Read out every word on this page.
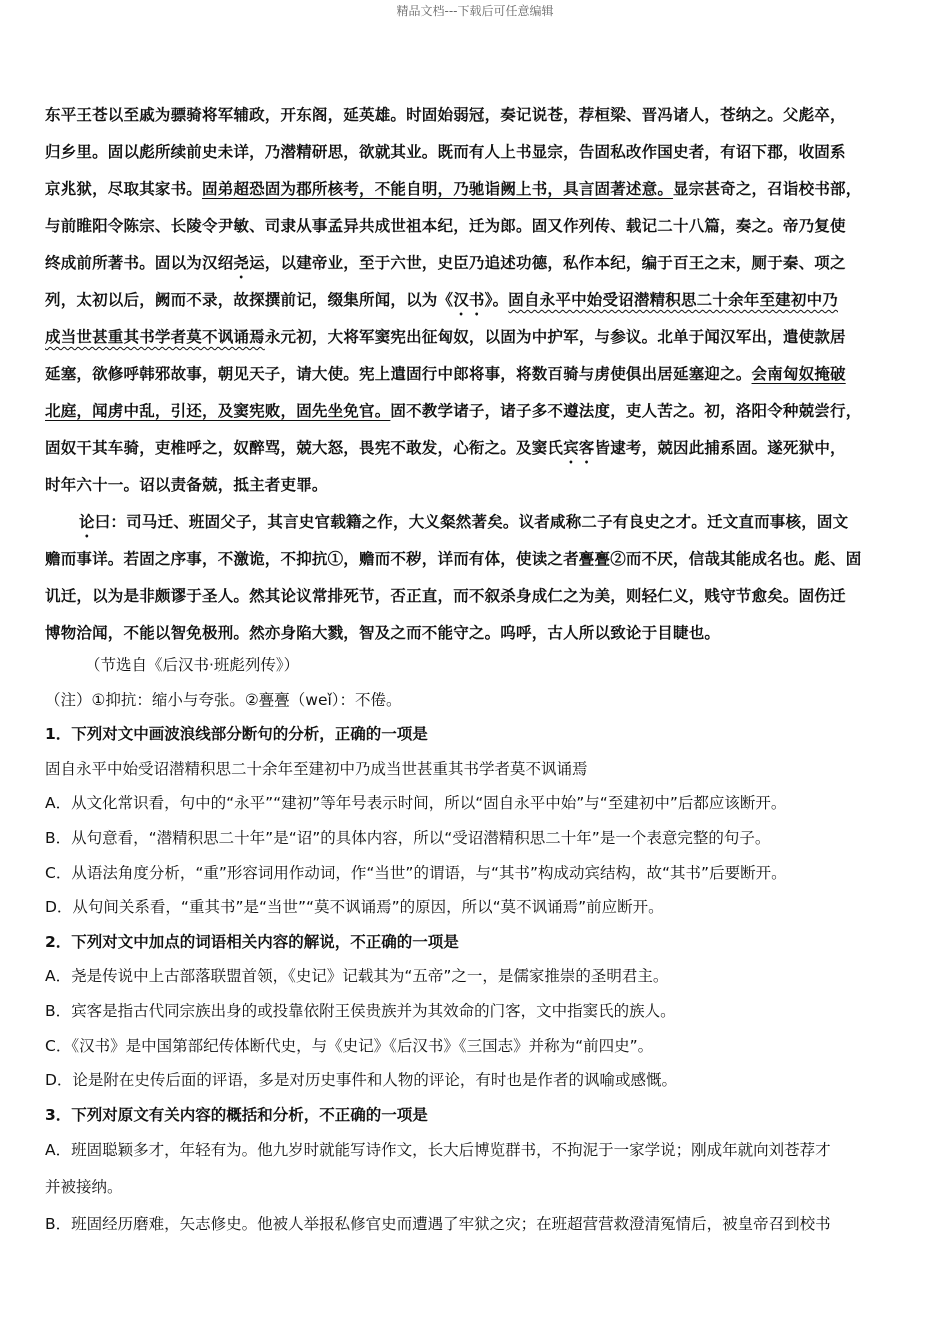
精品文档---下载后可任意编辑
东平王苍以至戚为骠骑将军辅政，开东阁，延英雄。时固始弱冠，奏记说苍，荐桓梁、晋冯诸人，苍纳之。父彪卒，
归乡里。固以彪所续前史未详，乃潜精研思，欲就其业。既而有人上书显宗，告固私改作国史者，有诏下郡，收固系
京兆狱，尽取其家书。固弟超恐固为郡所核考，不能自明，乃驰诣阙上书，具言固著述意。显宗甚奇之，召诣校书部，
与前睢阳令陈宗、长陵令尹敏、司隶从事孟异共成世祖本纪，迁为郎。固又作列传、载记二十八篇，奏之。帝乃复使
终成前所著书。固以为汉绍尧运，以建帝业，至于六世，史臣乃追述功德，私作本纪，编于百王之末，厕于秦、项之
列，太初以后，阙而不录，故探撰前记，缀集所闻，以为《汉书》。固自永平中始受诏潜精积思二十余年至建初中乃
成当世甚重其书学者莫不讽诵焉永元初，大将军窦宪出征匈奴，以固为中护军，与参议。北单于闻汉军出，遣使款居
延塞，欲修呼韩邪故事，朝见天子，请大使。宪上遣固行中郎将事，将数百骑与虏使俱出居延塞迎之。会南匈奴掩破
北庭，闻虏中乱，引还，及窦宪败，固先坐免官。固不教学诸子，诸子多不遵法度，吏人苦之。初，洛阳令种兢尝行，
固奴干其车骑，吏椎呼之，奴醉骂，兢大怒，畏宪不敢发，心衔之。及窦氏宾客皆逮考，兢因此捕系固。遂死狱中，
时年六十一。诏以责备兢，抵主者吏罪。
论曰：司马迁、班固父子，其言史官载籍之作，大义粲然著矣。议者咸称二子有良史之才。迁文直而事核，固文
赡而事详。若固之序事，不激诡，不抑抗①，赡而不秽，详而有体，使读之者亹亹②而不厌，信哉其能成名也。彪、固
讥迁，以为是非颇谬于圣人。然其论议常排死节，否正直，而不叙杀身成仁之为美，则轻仁义，贱守节愈矣。固伤迁
博物洽闻，不能以智免极刑。然亦身陷大戮，智及之而不能守之。呜呼，古人所以致论于目睫也。
（节选自《后汉书·班彪列传》）
（注）①抑抗：缩小与夸张。②亹亹（weǐ）：不倦。
1．下列对文中画波浪线部分断句的分析，正确的一项是
固自永平中始受诏潜精积思二十余年至建初中乃成当世甚重其书学者莫不讽诵焉
A．从文化常识看，句中的“永平”“建初”等年号表示时间，所以“固自永平中始”与“至建初中”后都应该断开。
B．从句意看，“潜精积思二十年”是“诏”的具体内容，所以“受诏潜精积思二十年”是一个表意完整的句子。
C．从语法角度分析，“重”形容词用作动词，作“当世”的谓语，与“其书”构成动宾结构，故“其书”后要断开。
D．从句间关系看，“重其书”是“当世”“莫不讽诵焉”的原因，所以“莫不讽诵焉”前应断开。
2．下列对文中加点的词语相关内容的解说，不正确的一项是
A．尧是传说中上古部落联盟首领，《史记》记载其为“五帝”之一，是儒家推崇的圣明君主。
B．宾客是指古代同宗族出身的或投靠依附王侯贵族并为其效命的门客，文中指窦氏的族人。
C．《汉书》是中国第部纪传体断代史，与《史记》《后汉书》《三国志》并称为“前四史”。
D．论是附在史传后面的评语，多是对历史事件和人物的评论，有时也是作者的讽喻或感慨。
3．下列对原文有关内容的概括和分析，不正确的一项是
A．班固聪颖多才，年轻有为。他九岁时就能写诗作文，长大后博览群书，不拘泥于一家学说；刚成年就向刘苍荐才
并被接纳。
B．班固经历磨难，矢志修史。他被人举报私修官史而遭遇了牢狱之灾；在班超营营救澄清冤情后，被皇帝召到校书
